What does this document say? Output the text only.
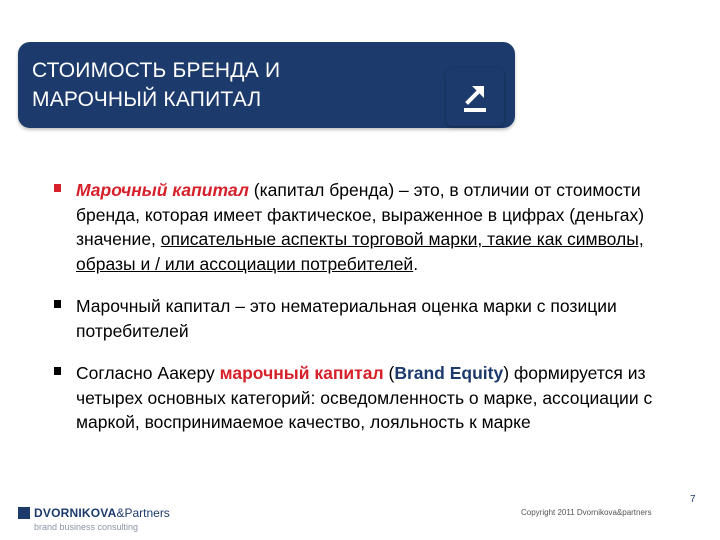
СТОИМОСТЬ БРЕНДА И
МАРОЧНЫЙ КАПИТАЛ
Марочный капитал (капитал бренда) – это, в отличии от стоимости бренда, которая имеет фактическое, выраженное в цифрах (деньгах) значение, описательные аспекты торговой марки, такие как символы, образы и / или ассоциации потребителей.
Марочный капитал – это нематериальная оценка марки с позиции потребителей
Согласно Аакеру марочный капитал (Brand Equity) формируется из четырех основных категорий: осведомленность о марке, ассоциации с маркой, воспринимаемое качество, лояльность к марке
DVORNIKOVA &Partners
brand business consulting
Copyright 2011 Dvornikova&partners
7
